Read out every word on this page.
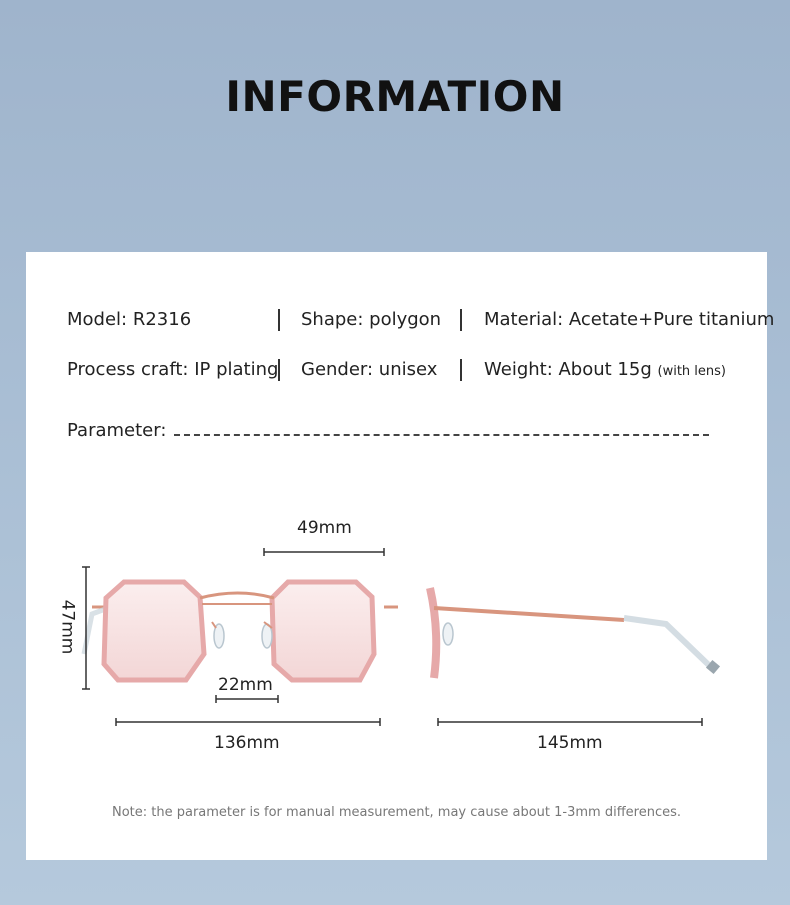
INFORMATION
Model: R2316	Shape: polygon Material: Acetate+Pure titanium
Process craft: IP plating Gender: unisex	Weight: About 15g (with lens)
Parameter:
49mm
47mm
22mm
136mm	145mm
Note: the parameter is for manual measurement, may cause about 1-3mm differences.
